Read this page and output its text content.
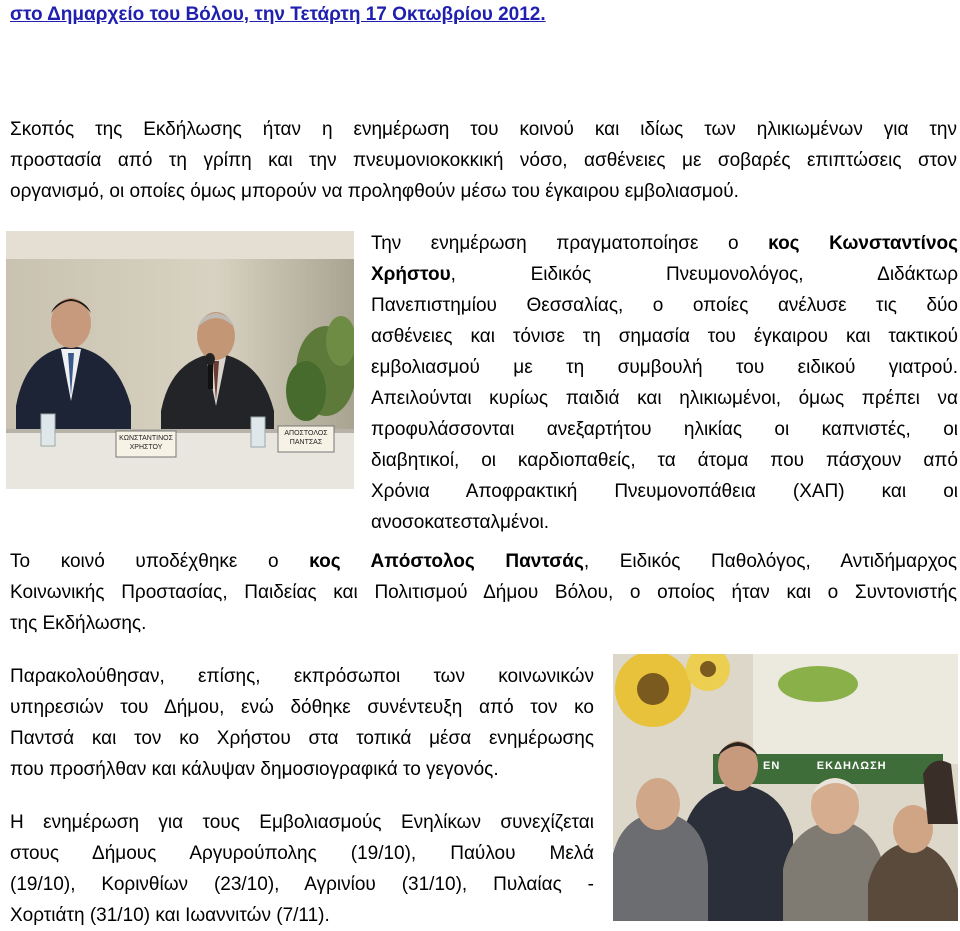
στο Δημαρχείο του Βόλου, την Τετάρτη 17 Οκτωβρίου 2012.
Σκοπός της Εκδήλωσης ήταν η ενημέρωση του κοινού και ιδίως των ηλικιωμένων για την
προστασία από τη γρίπη και την πνευμονιοκοκκική νόσο, ασθένειες με σοβαρές επιπτώσεις στον
οργανισμό, οι οποίες όμως μπορούν να προληφθούν μέσω του έγκαιρου εμβολιασμού.
ΚΩΝΣΤΑΝΤΙΝΟΣ ΧΡΗΣΤΟΥ
ΑΠΟΣΤΟΛΟΣ ΠΑΝΤΣΑΣ
Την ενημέρωση πραγματοποίησε ο κος Κωνσταντίνος
Χρήστου, Ειδικός Πνευμονολόγος, Διδάκτωρ
Πανεπιστημίου Θεσσαλίας, ο οποίες ανέλυσε τις δύο
ασθένειες και τόνισε τη σημασία του έγκαιρου και τακτικού
εμβολιασμού με τη συμβουλή του ειδικού γιατρού.
Απειλούνται κυρίως παιδιά και ηλικιωμένοι, όμως πρέπει να
προφυλάσσονται ανεξαρτήτου ηλικίας οι καπνιστές, οι
διαβητικοί, οι καρδιοπαθείς, τα άτομα που πάσχουν από
Χρόνια Αποφρακτική Πνευμονοπάθεια (ΧΑΠ) και οι
ανοσοκατεσταλμένοι.
Το κοινό υποδέχθηκε ο κος Απόστολος Παντσάς, Ειδικός Παθολόγος, Αντιδήμαρχος
Κοινωνικής Προστασίας, Παιδείας και Πολιτισμού Δήμου Βόλου, ο οποίος ήταν και ο Συντονιστής
της Εκδήλωσης.
Παρακολούθησαν, επίσης, εκπρόσωποι των κοινωνικών
υπηρεσιών του Δήμου, ενώ δόθηκε συνέντευξη από τον κο
Παντσά και τον κο Χρήστου στα τοπικά μέσα ενημέρωσης
που προσήλθαν και κάλυψαν δημοσιογραφικά το γεγονός.
Η ενημέρωση για τους Εμβολιασμούς Ενηλίκων συνεχίζεται
στους Δήμους Αργυρούπολης (19/10), Παύλου Μελά
(19/10), Κορινθίων (23/10), Αγρινίου (31/10), Πυλαίας -
Χορτιάτη (31/10) και Ιωαννιτών (7/11).
ΕΝ	ΕΚΔΗΛΩΣΗ
